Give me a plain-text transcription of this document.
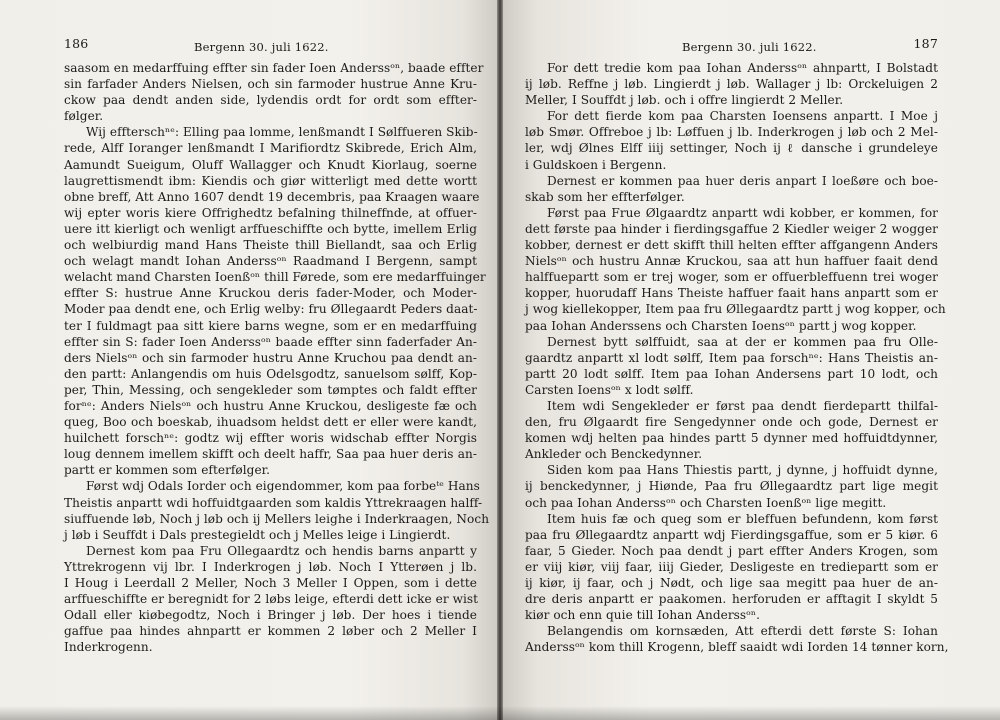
186	Bergenn 30. juli 1622.
saasom en medarffuing effter sin fader Ioen Anderssᵒⁿ, baade effter
sin farfader Anders Nielsen, och sin farmoder hustrue Anne Kru-
ckow paa dendt anden side, lydendis ordt for ordt som effter-
følger.
Wij effterschⁿᵉ: Elling paa lomme, lenßmandt I Sølffueren Skib-
rede, Alff Ioranger lenßmandt I Marifiordtz Skibrede, Erich Alm,
Aamundt Sueigum, Oluff Wallagger och Knudt Kiorlaug, soerne
laugrettismendt ibm: Kiendis och giør witterligt med dette wortt
obne breff, Att Anno 1607 dendt 19 decembris, paa Kraagen waare
wij epter woris kiere Offrighedtz befalning thilneffnde, at offuer-
uere itt kierligt och wenligt arffueschiffte och bytte, imellem Erlig
och welbiurdig mand Hans Theiste thill Biellandt, saa och Erlig
och welagt mandt Iohan Anderssᵒⁿ Raadmand I Bergenn, sampt
welacht mand Charsten Ioenßᵒⁿ thill Førede, som ere medarffuinger
effter S: hustrue Anne Kruckou deris fader-Moder, och Moder-
Moder paa dendt ene, och Erlig welby: fru Øllegaardt Peders daat-
ter I fuldmagt paa sitt kiere barns wegne, som er en medarffuing
effter sin S: fader Ioen Anderssᵒⁿ baade effter sinn faderfader An-
ders Nielsᵒⁿ och sin farmoder hustru Anne Kruchou paa dendt an-
den partt: Anlangendis om huis Odelsgodtz, sanuelsom sølff, Kop-
per, Thin, Messing, och sengekleder som tømptes och faldt effter
forⁿᵉ: Anders Nielsᵒⁿ och hustru Anne Kruckou, desligeste fæ och
queg, Boo och boeskab, ihuadsom heldst dett er eller were kandt,
huilchett forschⁿᵉ: godtz wij effter woris widschab effter Norgis
loug dennem imellem skifft och deelt haffr, Saa paa huer deris an-
partt er kommen som efterfølger.
Først wdj Odals Iorder och eigendommer, kom paa forbeᵗᵉ Hans
Theistis anpartt wdi hoffuidtgaarden som kaldis Yttrekraagen halff-
siuffuende løb, Noch j løb och ij Mellers leighe i Inderkraagen, Noch
j løb i Seuffdt i Dals prestegieldt och j Melles leige i Lingierdt.
Dernest kom paa Fru Ollegaardtz och hendis barns anpartt y
Yttrekrogenn vij lbr. I Inderkrogen j løb. Noch I Ytterøen j lb.
I Houg i Leerdall 2 Meller, Noch 3 Meller I Oppen, som i dette
arffueschiffte er beregnidt for 2 løbs leige, efterdi dett icke er wist
Odall eller kiøbegodtz, Noch i Bringer j løb. Der hoes i tiende
gaffue paa hindes ahnpartt er kommen 2 løber och 2 Meller I
Inderkrogenn.
Bergenn 30. juli 1622.	187
For dett tredie kom paa Iohan Anderssᵒⁿ ahnpartt, I Bolstadt
ij løb. Reffne j løb. Lingierdt j løb. Wallager j lb: Orckeluigen 2
Meller, I Souffdt j løb. och i offre lingierdt 2 Meller.
For dett fierde kom paa Charsten Ioensens anpartt. I Moe j
løb Smør. Offreboe j lb: Løffuen j lb. Inderkrogen j løb och 2 Mel-
ler, wdj Ølnes Elff iiij settinger, Noch ij ℓ dansche i grundeleye
i Guldskoen i Bergenn.
Dernest er kommen paa huer deris anpart I loeßøre och boe-
skab som her effterfølger.
Først paa Frue Ølgaardtz anpartt wdi kobber, er kommen, for
dett første paa hinder i fierdingsgaffue 2 Kiedler weiger 2 wogger
kobber, dernest er dett skifft thill helten effter affgangenn Anders
Nielsᵒⁿ och hustru Annæ Kruckou, saa att hun haffuer faait dend
halffuepartt som er trej woger, som er offuerbleffuenn trei woger
kopper, huorudaff Hans Theiste haffuer faait hans anpartt som er
j wog kiellekopper, Item paa fru Øllegaardtz partt j wog kopper, och
paa Iohan Anderssens och Charsten Ioensᵒⁿ partt j wog kopper.
Dernest bytt sølffuidt, saa at der er kommen paa fru Olle-
gaardtz anpartt xl lodt sølff, Item paa forschⁿᵉ: Hans Theistis an-
partt 20 lodt sølff. Item paa Iohan Andersens part 10 lodt, och
Carsten Ioensᵒⁿ x lodt sølff.
Item wdi Sengekleder er først paa dendt fierdepartt thilfal-
den, fru Ølgaardt fire Sengedynner onde och gode, Dernest er
komen wdj helten paa hindes partt 5 dynner med hoffuidtdynner,
Ankleder och Benckedynner.
Siden kom paa Hans Thiestis partt, j dynne, j hoffuidt dynne,
ij benckedynner, j Hiønde, Paa fru Øllegaardtz part lige megit
och paa Iohan Anderssᵒⁿ och Charsten Ioenßᵒⁿ lige megitt.
Item huis fæ och queg som er bleffuen befundenn, kom først
paa fru Øllegaardtz anpartt wdj Fierdingsgaffue, som er 5 kiør. 6
faar, 5 Gieder. Noch paa dendt j part effter Anders Krogen, som
er viij kiør, viij faar, iiij Gieder, Desligeste en trediepartt som er
ij kiør, ij faar, och j Nødt, och lige saa megitt paa huer de an-
dre deris anpartt er paakomen. herforuden er afftagit I skyldt 5
kiør och enn quie till Iohan Anderssᵒⁿ.
Belangendis om kornsæden, Att efterdi dett første S: Iohan
Anderssᵒⁿ kom thill Krogenn, bleff saaidt wdi Iorden 14 tønner korn,
